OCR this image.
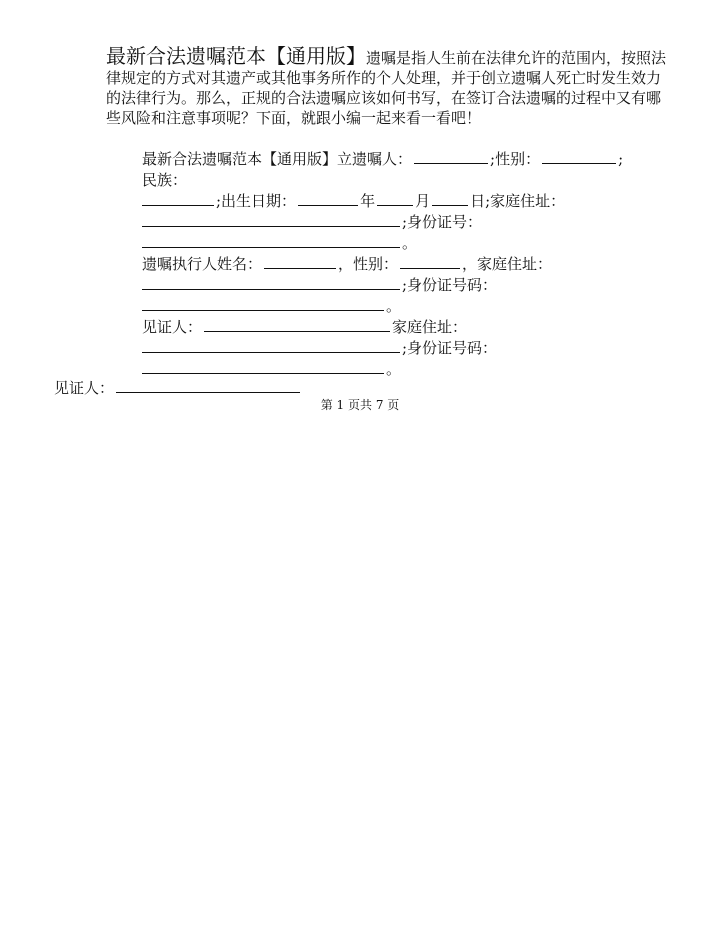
最新合法遗嘱范本【通用版】遗嘱是指人生前在法律允许的范围内，按照法律规定的方式对其遗产或其他事务所作的个人处理，并于创立遗嘱人死亡时发生效力的法律行为。那么，正规的合法遗嘱应该如何书写，在签订合法遗嘱的过程中又有哪些风险和注意事项呢？下面，就跟小编一起来看一看吧！

最新合法遗嘱范本【通用版】立遗嘱人：	;性别：	;
民族：
;出生日期：	年	月	日;家庭住址：
;身份证号：
。
遗嘱执行人姓名：	，性别：	，家庭住址：
;身份证号码：
。
见证人：	家庭住址：
;身份证号码：
。
见证人：
第 1 页共 7 页
